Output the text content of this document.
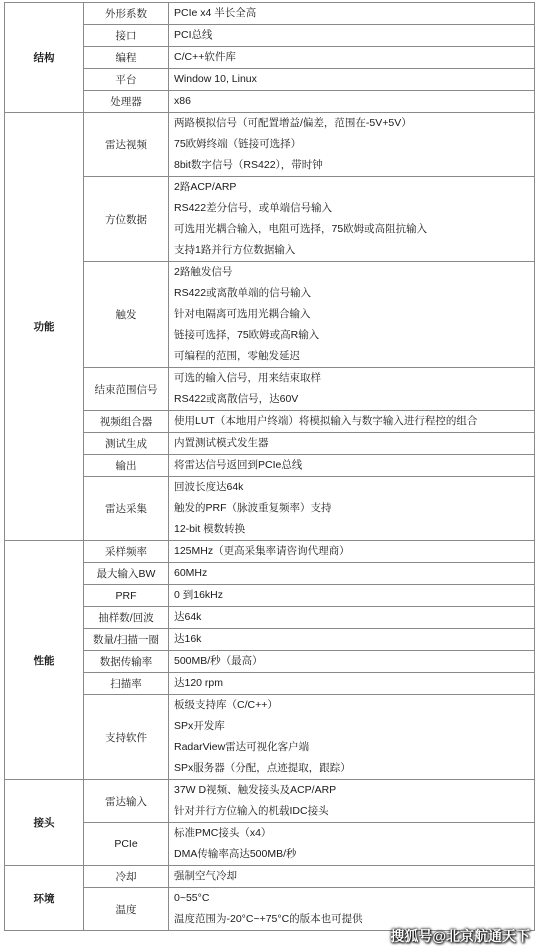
结构	外形系数	PCIe x4 半长全高

	接口	PCI总线

	编程	C/C++软件库

	平台	Window 10, Linux

	处理器	x86

功能	雷达视频	两路模拟信号（可配置增益/偏差，范围在-5V+5V）
75欧姆终端（链接可选择）
8bit数字信号（RS422），带时钟

	方位数据	2路ACP/ARP
RS422差分信号，或单端信号输入
可选用光耦合输入，电阻可选择，75欧姆或高阻抗输入
支持1路并行方位数据输入

	触发	2路触发信号
RS422或离散单端的信号输入
针对电隔离可选用光耦合输入
链接可选择，75欧姆或高R输入
可编程的范围，零触发延迟

	结束范围信号	可选的输入信号，用来结束取样
RS422或离散信号，达60V

	视频组合器	使用LUT（本地用户终端）将模拟输入与数字输入进行程控的组合

	测试生成	内置测试模式发生器

	输出	将雷达信号返回到PCIe总线

	雷达采集	回波长度达64k
触发的PRF（脉波重复频率）支持
12-bit 模数转换

性能	采样频率	125MHz（更高采集率请咨询代理商）

	最大输入BW	60MHz

	PRF	0 到16kHz

	抽样数/回波	达64k

	数量/扫描一圈	达16k

	数据传输率	500MB/秒（最高）

	扫描率	达120 rpm

	支持软件	板级支持库（C/C++）
SPx开发库
RadarView雷达可视化客户端
SPx服务器（分配，点迹提取，跟踪）

接头	雷达输入	37W D视频、触发接头及ACP/ARP
针对并行方位输入的机载IDC接头

	PCIe	标准PMC接头（x4）
DMA传输率高达500MB/秒

环境	冷却	强制空气冷却

	温度	0~55°C
温度范围为-20°C~+75°C的版本也可提供
搜狐号@北京航通天下
